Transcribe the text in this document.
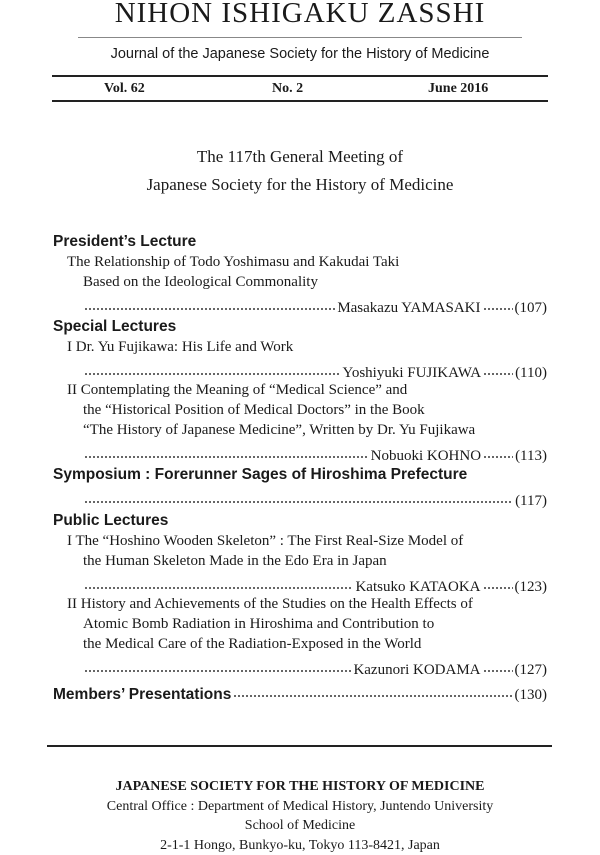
NIHON ISHIGAKU ZASSHI
Journal of the Japanese Society for the History of Medicine
Vol. 62	No. 2	June 2016
The 117th General Meeting of
Japanese Society for the History of Medicine
President’s Lecture
The Relationship of Todo Yoshimasu and Kakudai Taki
Based on the Ideological Commonality
Masakazu YAMASAKI (107)
Special Lectures
I Dr. Yu Fujikawa: His Life and Work
Yoshiyuki FUJIKAWA (110)
II Contemplating the Meaning of “Medical Science” and
the “Historical Position of Medical Doctors” in the Book
“The History of Japanese Medicine”, Written by Dr. Yu Fujikawa
Nobuoki KOHNO (113)
Symposium : Forerunner Sages of Hiroshima Prefecture
(117)
Public Lectures
I The “Hoshino Wooden Skeleton” : The First Real-Size Model of
the Human Skeleton Made in the Edo Era in Japan
Katsuko KATAOKA (123)
II History and Achievements of the Studies on the Health Effects of
Atomic Bomb Radiation in Hiroshima and Contribution to
the Medical Care of the Radiation-Exposed in the World
Kazunori KODAMA (127)
Members’ Presentations	(130)
JAPANESE SOCIETY FOR THE HISTORY OF MEDICINE
Central Office : Department of Medical History, Juntendo University
School of Medicine
2-1-1 Hongo, Bunkyo-ku, Tokyo 113-8421, Japan
